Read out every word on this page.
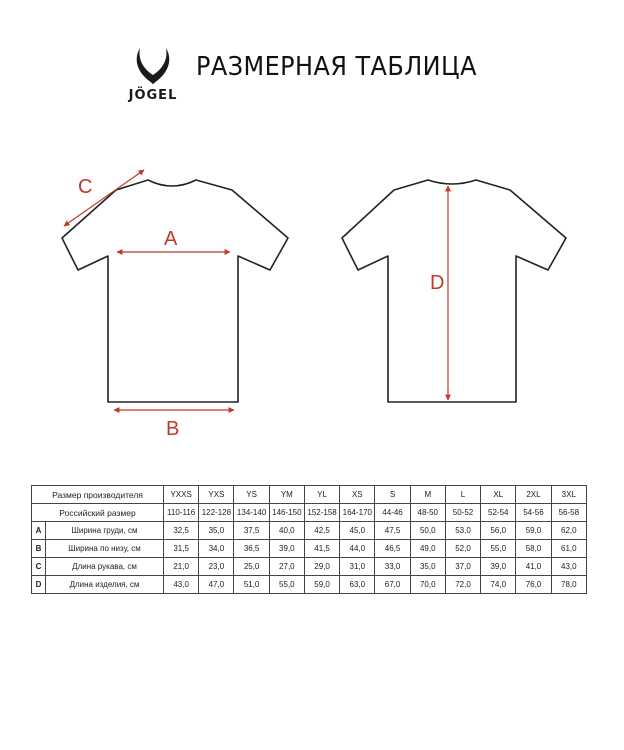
JÖGEL
РАЗМЕРНАЯ ТАБЛИЦА
A
B
C
D
Размер производителя		YXXS	YXS	YS	YM	YL	XS	S	M	L	XL	2XL	3XL
Российский размер		110-116	122-128	134-140	146-150	152-158	164-170	44-46	48-50	50-52	52-54	54-56	56-58
A	Ширина груди, см	32,5	35,0	37,5	40,0	42,5	45,0	47,5	50,0	53,0	56,0	59,0	62,0
B	Ширина по низу, см	31,5	34,0	36,5	39,0	41,5	44,0	46,5	49,0	52,0	55,0	58,0	61,0
C	Длина рукава, см	21,0	23,0	25,0	27,0	29,0	31,0	33,0	35,0	37,0	39,0	41,0	43,0
D	Длина изделия, см	43,0	47,0	51,0	55,0	59,0	63,0	67,0	70,0	72,0	74,0	76,0	78,0
